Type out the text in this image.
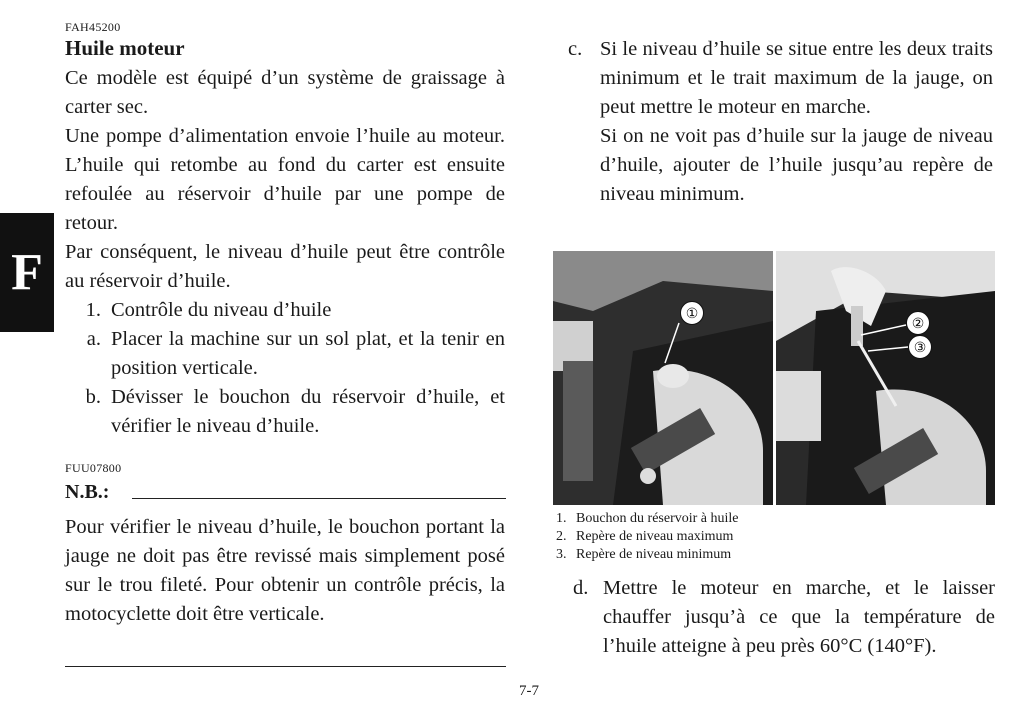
F
FAH45200
Huile moteur
Ce modèle est équipé d’un système de graissage à carter sec.
Une pompe d’alimentation envoie l’huile au moteur. L’huile qui retombe au fond du carter est ensuite refoulée au réservoir d’huile par une pompe de retour.
Par conséquent, le niveau d’huile peut être contrôle au réservoir d’huile.
1. Contrôle du niveau d’huile
a. Placer la machine sur un sol plat, et la tenir en position verticale.
b. Dévisser le bouchon du réservoir d’huile, et vérifier le niveau d’huile.
FUU07800
N.B.:
Pour vérifier le niveau d’huile, le bouchon portant la jauge ne doit pas être revissé mais simplement posé sur le trou fileté. Pour obtenir un contrôle précis, la motocyclette doit être verticale.
c. Si le niveau d’huile se situe entre les deux traits minimum et le trait maximum de la jauge, on peut mettre le moteur en marche.
Si on ne voit pas d’huile sur la jauge de niveau d’huile, ajouter de l’huile jusqu’au repère de niveau minimum.
①
②
③
1. Bouchon du réservoir à huile
2. Repère de niveau maximum
3. Repère de niveau minimum
d. Mettre le moteur en marche, et le laisser chauffer jusqu’à ce que la température de l’huile atteigne à peu près 60°C (140°F).
7-7
